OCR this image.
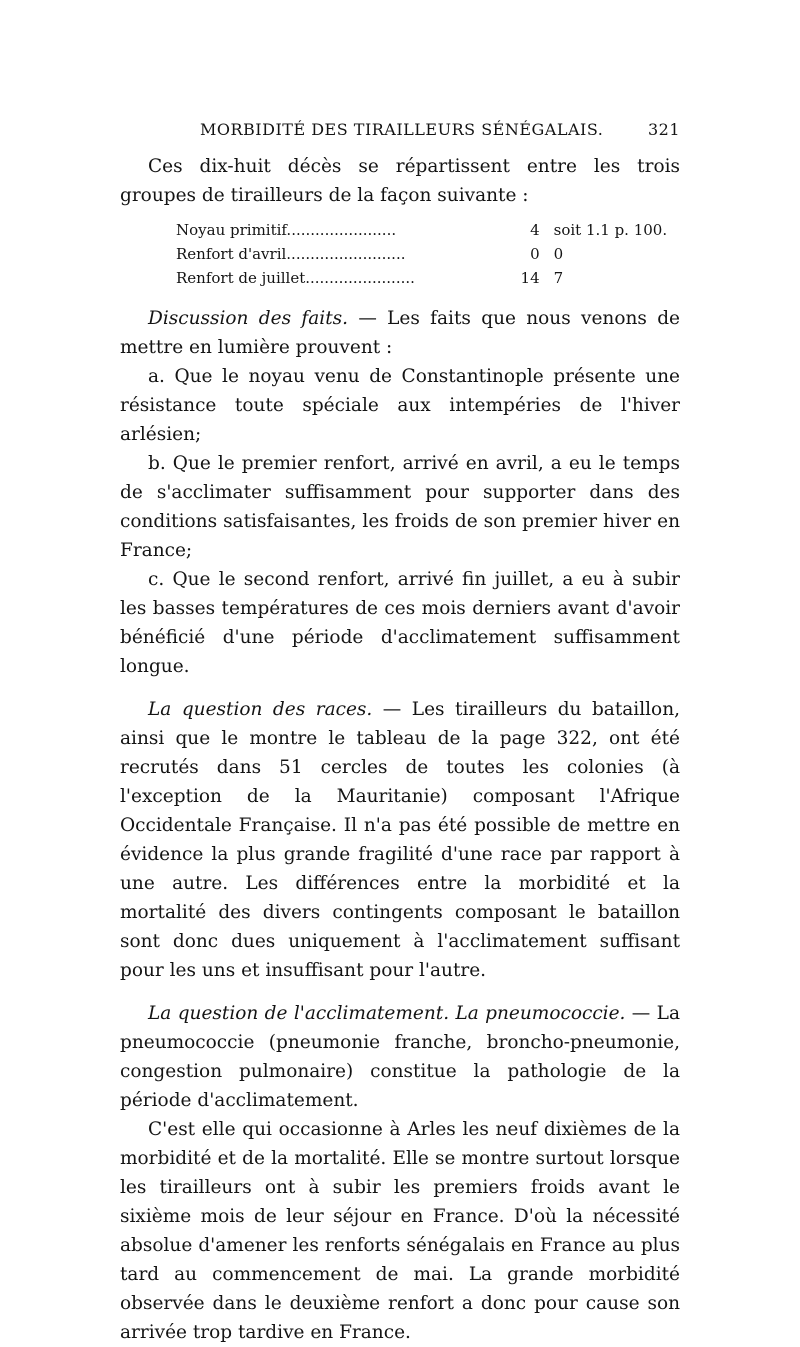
MORBIDITÉ DES TIRAILLEURS SÉNÉGALAIS.	321

Ces dix-huit décès se répartissent entre les trois groupes de tirailleurs de la façon suivante :

Noyau primitif.......................	4 soit 1.1 p. 100.
Renfort d'avril.........................	0 0
Renfort de juillet.......................	14 7

Discussion des faits. — Les faits que nous venons de mettre en lumière prouvent :

a. Que le noyau venu de Constantinople présente une résistance toute spéciale aux intempéries de l'hiver arlésien;

b. Que le premier renfort, arrivé en avril, a eu le temps de s'acclimater suffisamment pour supporter dans des conditions satisfaisantes, les froids de son premier hiver en France;

c. Que le second renfort, arrivé fin juillet, a eu à subir les basses températures de ces mois derniers avant d'avoir bénéficié d'une période d'acclimatement suffisamment longue.

La question des races. — Les tirailleurs du bataillon, ainsi que le montre le tableau de la page 322, ont été recrutés dans 51 cercles de toutes les colonies (à l'exception de la Mauritanie) composant l'Afrique Occidentale Française. Il n'a pas été possible de mettre en évidence la plus grande fragilité d'une race par rapport à une autre. Les différences entre la morbidité et la mortalité des divers contingents composant le bataillon sont donc dues uniquement à l'acclimatement suffisant pour les uns et insuffisant pour l'autre.

La question de l'acclimatement. La pneumococcie. — La pneumococcie (pneumonie franche, broncho-pneumonie, congestion pulmonaire) constitue la pathologie de la période d'acclimatement.

C'est elle qui occasionne à Arles les neuf dixièmes de la morbidité et de la mortalité. Elle se montre surtout lorsque les tirailleurs ont à subir les premiers froids avant le sixième mois de leur séjour en France. D'où la nécessité absolue d'amener les renforts sénégalais en France au plus tard au commencement de mai. La grande morbidité observée dans le deuxième renfort a donc pour cause son arrivée trop tardive en France.
